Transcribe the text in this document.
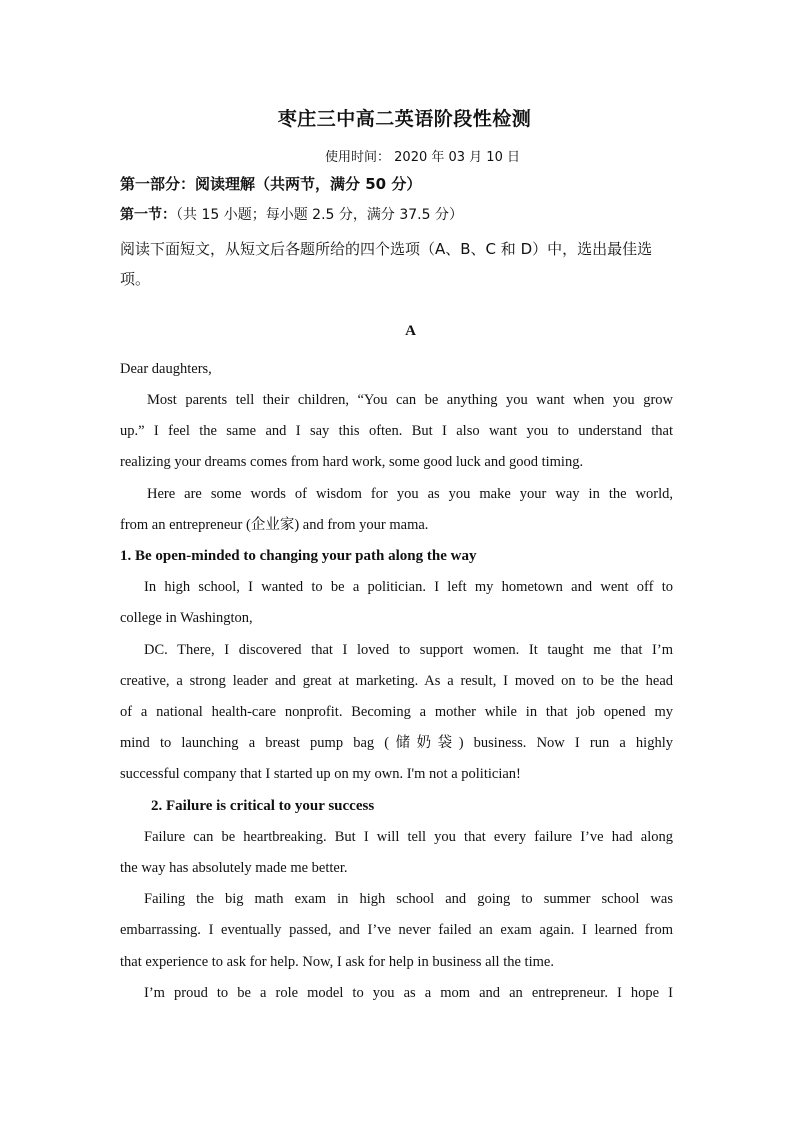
枣庄三中高二英语阶段性检测
使用时间： 2020 年 03 月 10 日
第一部分：阅读理解（共两节，满分 50 分）
第一节：（共 15 小题；每小题 2.5 分，满分 37.5 分）
阅读下面短文，从短文后各题所给的四个选项（A、B、C 和 D）中，选出最佳选
项。
A
Dear daughters,
Most parents tell their children, “You can be anything you want when you grow
up.” I feel the same and I say this often. But I also want you to understand that
realizing your dreams comes from hard work, some good luck and good timing.
Here are some words of wisdom for you as you make your way in the world,
from an entrepreneur (企业家) and from your mama.
1. Be open-minded to changing your path along the way
In high school, I wanted to be a politician. I left my hometown and went off to
college in Washington,
DC. There, I discovered that I loved to support women. It taught me that I’m
creative, a strong leader and great at marketing. As a result, I moved on to be the head
of a national health-care nonprofit. Becoming a mother while in that job opened my
mind to launching a breast pump bag (储奶袋) business. Now I run a highly
successful company that I started up on my own. I'm not a politician!
2. Failure is critical to your success
Failure can be heartbreaking. But I will tell you that every failure I’ve had along
the way has absolutely made me better.
Failing the big math exam in high school and going to summer school was
embarrassing. I eventually passed, and I’ve never failed an exam again. I learned from
that experience to ask for help. Now, I ask for help in business all the time.
I’m proud to be a role model to you as a mom and an entrepreneur. I hope I
